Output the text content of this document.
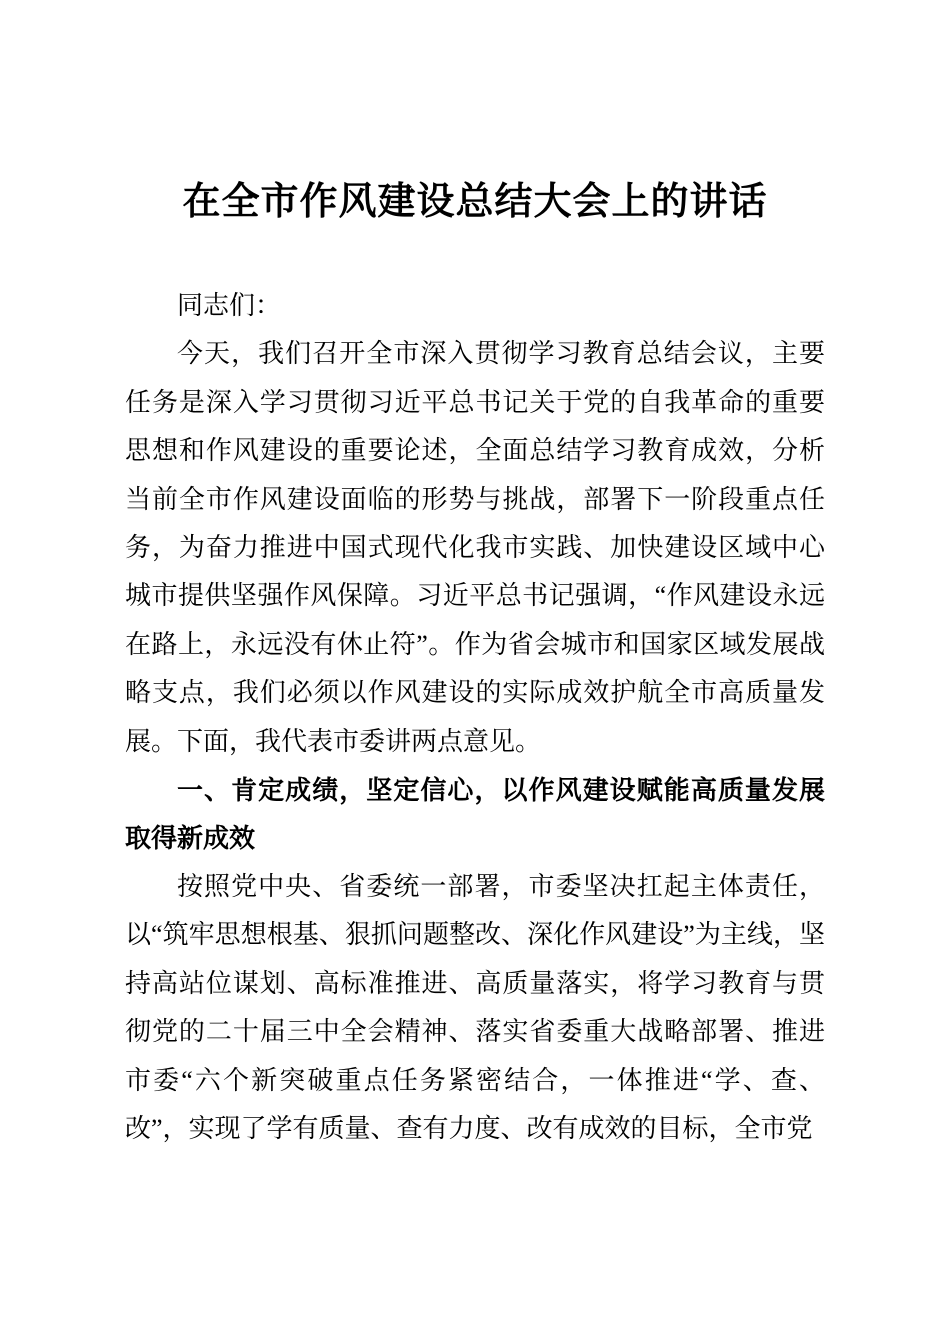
在全市作风建设总结大会上的讲话

同志们：

今天，我们召开全市深入贯彻学习教育总结会议，主要任务是深入学习贯彻习近平总书记关于党的自我革命的重要思想和作风建设的重要论述，全面总结学习教育成效，分析当前全市作风建设面临的形势与挑战，部署下一阶段重点任务，为奋力推进中国式现代化我市实践、加快建设区域中心城市提供坚强作风保障。习近平总书记强调，“作风建设永远在路上，永远没有休止符”。作为省会城市和国家区域发展战略支点，我们必须以作风建设的实际成效护航全市高质量发展。下面，我代表市委讲两点意见。

一、肯定成绩，坚定信心，以作风建设赋能高质量发展取得新成效

按照党中央、省委统一部署，市委坚决扛起主体责任，以“筑牢思想根基、狠抓问题整改、深化作风建设”为主线，坚持高站位谋划、高标准推进、高质量落实，将学习教育与贯彻党的二十届三中全会精神、落实省委重大战略部署、推进市委“六个新突破重点任务紧密结合，一体推进“学、查、改”，实现了学有质量、查有力度、改有成效的目标，全市党
